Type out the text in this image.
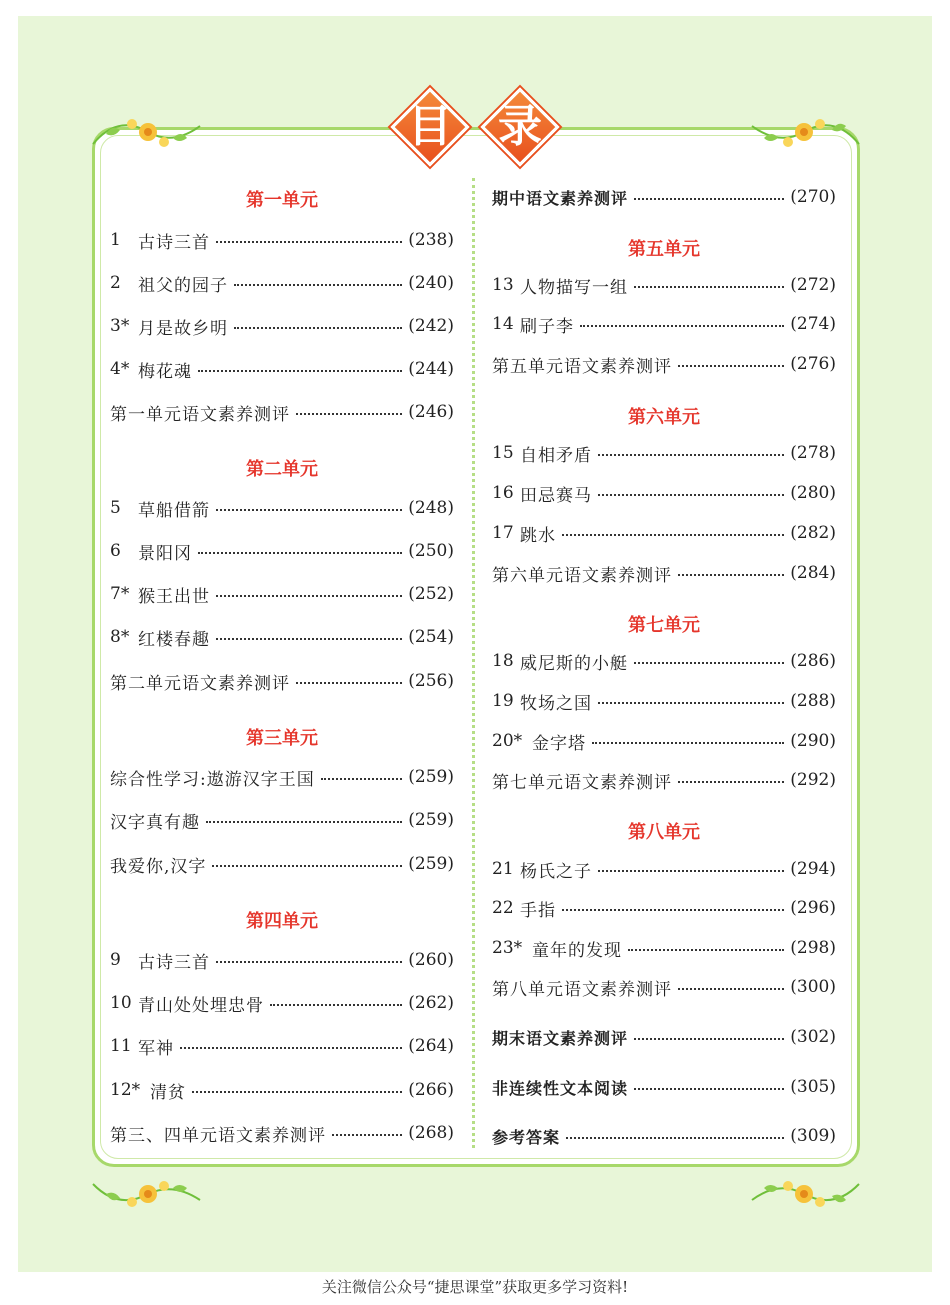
目	录
第一单元
1	古诗三首	(238)
2	祖父的园子	(240)
3* 月是故乡明	(242)
4* 梅花魂	(244)
第一单元语文素养测评	(246)
第二单元
5	草船借箭	(248)
6	景阳冈	(250)
7* 猴王出世	(252)
8* 红楼春趣	(254)
第二单元语文素养测评	(256)
第三单元
综合性学习:遨游汉字王国	(259)
汉字真有趣	(259)
我爱你,汉字	(259)
第四单元
9	古诗三首	(260)
10 青山处处埋忠骨	(262)
11 军神	(264)
12* 清贫	(266)
第三、四单元语文素养测评	(268)
期中语文素养测评	(270)
第五单元
13 人物描写一组	(272)
14 刷子李	(274)
第五单元语文素养测评	(276)
第六单元
15 自相矛盾	(278)
16 田忌赛马	(280)
17 跳水	(282)
第六单元语文素养测评	(284)
第七单元
18 威尼斯的小艇	(286)
19 牧场之国	(288)
20* 金字塔	(290)
第七单元语文素养测评	(292)
第八单元
21 杨氏之子	(294)
22 手指	(296)
23* 童年的发现	(298)
第八单元语文素养测评	(300)
期末语文素养测评	(302)
非连续性文本阅读	(305)
参考答案	(309)
关注微信公众号“捷思课堂”获取更多学习资料!
